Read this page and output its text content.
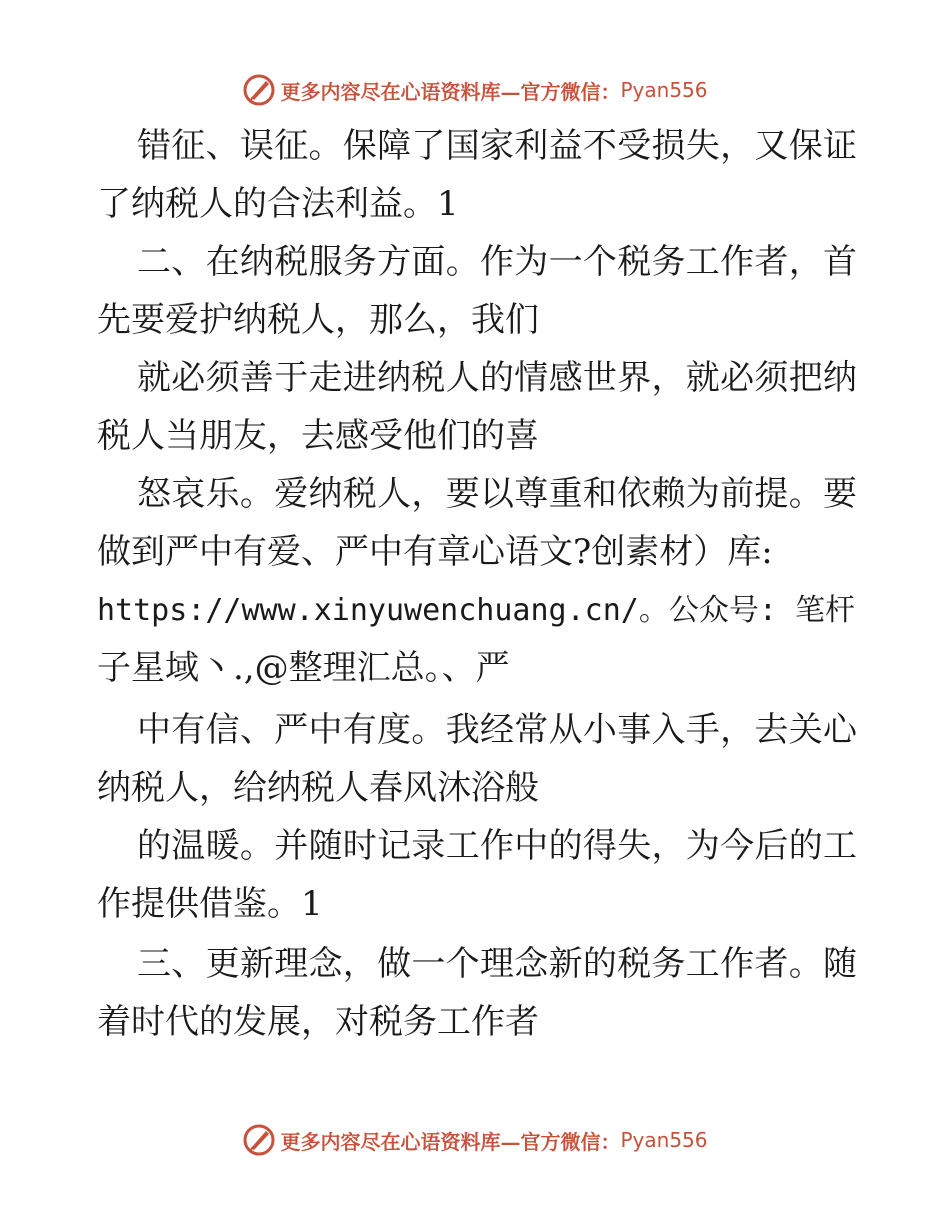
更多内容尽在心语资料库—官方微信： Pyan556
错征、误征。保障了国家利益不受损失，又保证
了纳税人的合法利益。1
二、在纳税服务方面。作为一个税务工作者，首
先要爱护纳税人，那么，我们
就必须善于走进纳税人的情感世界，就必须把纳
税人当朋友，去感受他们的喜
怒哀乐。爱纳税人，要以尊重和依赖为前提。要
做到严中有爱、严中有章心语文?创素材）库:
https://www.xinyuwenchuang.cn/。公众号: 笔杆
子星域丶.,@整理汇总。、严
中有信、严中有度。我经常从小事入手，去关心
纳税人，给纳税人春风沐浴般
的温暖。并随时记录工作中的得失，为今后的工
作提供借鉴。1
三、更新理念，做一个理念新的税务工作者。随
着时代的发展，对税务工作者
更多内容尽在心语资料库—官方微信： Pyan556
